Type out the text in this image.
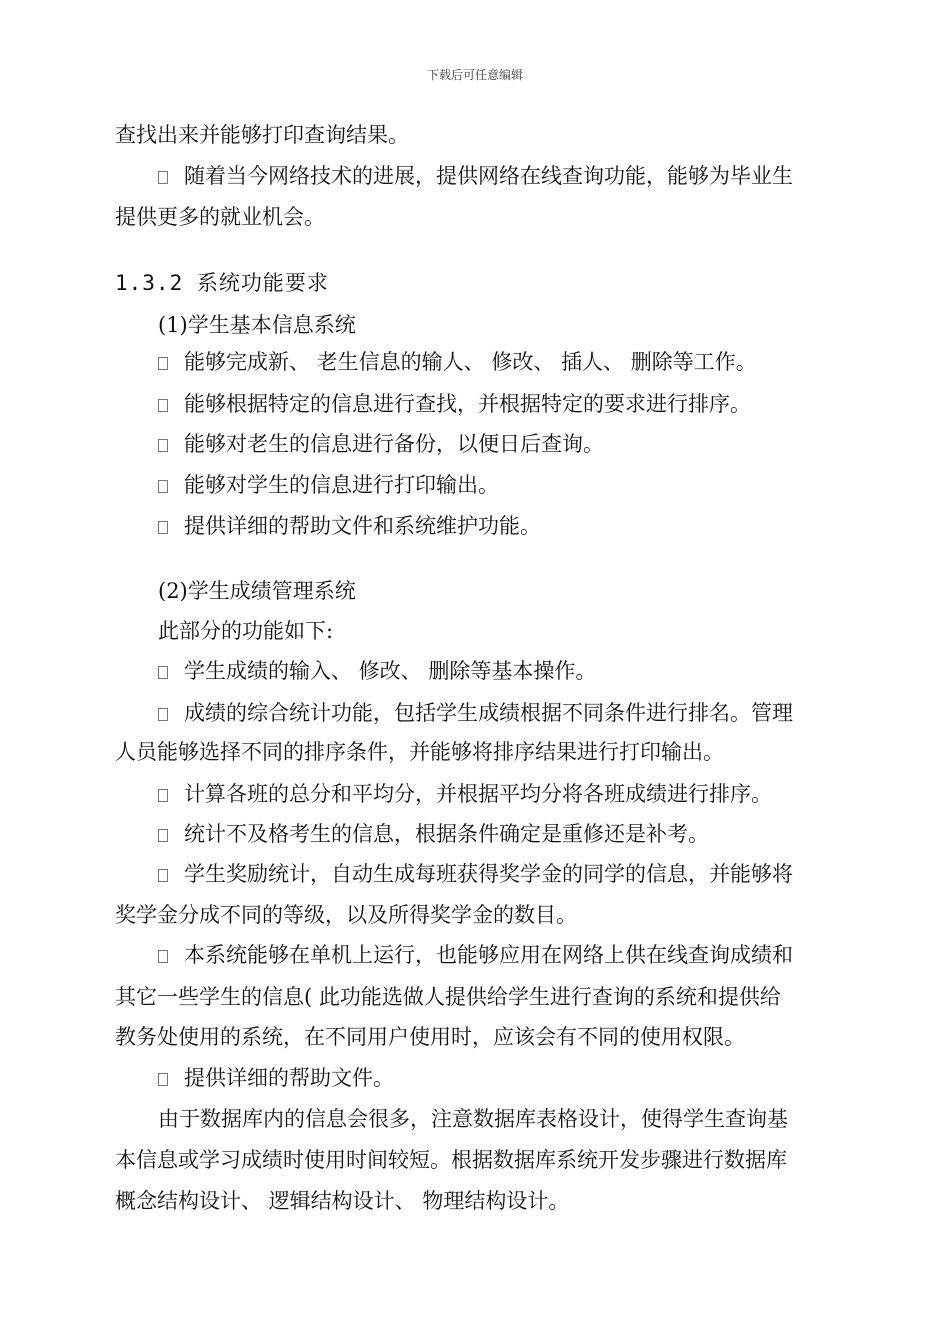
下载后可任意编辑
查找出来并能够打印查询结果。
随着当今网络技术的进展，提供网络在线查询功能，能够为毕业生
提供更多的就业机会。
1.3.2 系统功能要求
(1)学生基本信息系统
能够完成新、 老生信息的输人、 修改、 插人、 删除等工作。
能够根据特定的信息进行查找，并根据特定的要求进行排序。
能够对老生的信息进行备份，以便日后查询。
能够对学生的信息进行打印输出。
提供详细的帮助文件和系统维护功能。
(2)学生成绩管理系统
此部分的功能如下:
学生成绩的输入、 修改、 删除等基本操作。
成绩的综合统计功能，包括学生成绩根据不同条件进行排名。管理
人员能够选择不同的排序条件，并能够将排序结果进行打印输出。
计算各班的总分和平均分，并根据平均分将各班成绩进行排序。
统计不及格考生的信息，根据条件确定是重修还是补考。
学生奖励统计，自动生成每班获得奖学金的同学的信息，并能够将
奖学金分成不同的等级，以及所得奖学金的数目。
本系统能够在单机上运行，也能够应用在网络上供在线查询成绩和
其它一些学生的信息( 此功能选做人提供给学生进行查询的系统和提供给
教务处使用的系统，在不同用户使用时，应该会有不同的使用权限。
提供详细的帮助文件。
由于数据库内的信息会很多，注意数据库表格设计，使得学生查询基
本信息或学习成绩时使用时间较短。根据数据库系统开发步骤进行数据库
概念结构设计、 逻辑结构设计、 物理结构设计。
